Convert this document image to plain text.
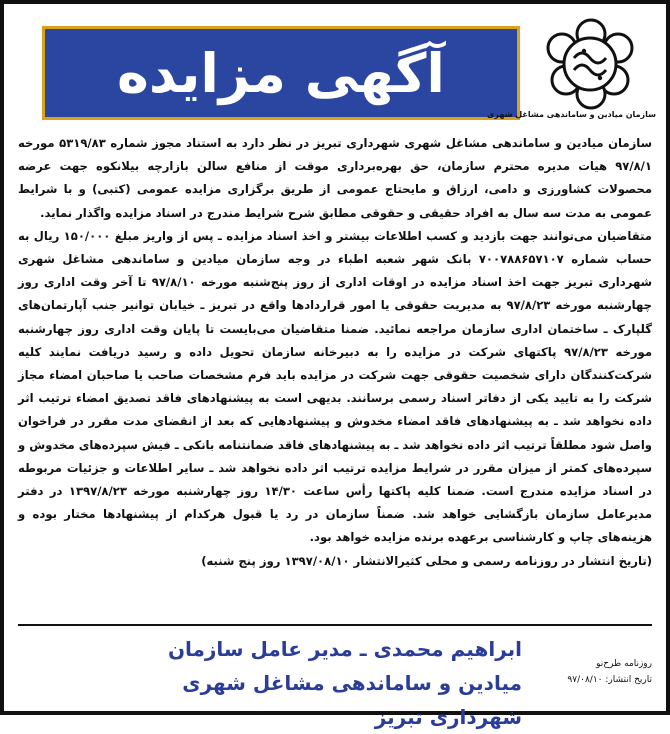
آگهی مزایده
سازمان میادین و ساماندهی مشاغل شهری

سازمان میادین و ساماندهی مشاغل شهری شهرداری تبریز در نظر دارد به استناد مجوز شماره ۵۳۱۹/۸۳ مورخه ۹۷/۸/۱ هیات مدیره محترم سازمان، حق بهره‌برداری موقت از منافع سالن بازارچه بیلانکوه جهت عرضه محصولات کشاورزی و دامی، ارزاق و مایحتاج عمومی از طریق برگزاری مزایده عمومی (کتبی) و با شرایط عمومی به مدت سه سال به افراد حقیقی و حقوقی مطابق شرح شرایط مندرج در اسناد مزایده واگذار نماید.

متقاضیان می‌توانند جهت بازدید و کسب اطلاعات بیشتر و اخذ اسناد مزایده ـ پس از واریز مبلغ ۱۵۰/۰۰۰ ریال به حساب شماره ۷۰۰۷۸۸۶۵۷۱۰۷ بانک شهر شعبه اطباء در وجه سازمان میادین و ساماندهی مشاغل شهری شهرداری تبریز جهت اخذ اسناد مزایده در اوقات اداری از روز پنج‌شنبه مورخه ۹۷/۸/۱۰ تا آخر وقت اداری روز چهارشنبه مورخه ۹۷/۸/۲۳ به مدیریت حقوقی یا امور قراردادها واقع در تبریز ـ خیابان توانیر جنب آپارتمان‌های گلپارک ـ ساختمان اداری سازمان مراجعه نمائید. ضمنا متقاضیان می‌بایست تا پایان وقت اداری روز چهارشنبه مورخه ۹۷/۸/۲۳ پاکتهای شرکت در مزایده را به دبیرخانه سازمان تحویل داده و رسید دریافت نمایند کلیه شرکت‌کنندگان دارای شخصیت حقوقی جهت شرکت در مزایده باید فرم مشخصات صاحب یا صاحبان امضاء مجاز شرکت را به تایید یکی از دفاتر اسناد رسمی برسانند. بدیهی است به پیشنهادهای فاقد تصدیق امضاء ترتیب اثر داده نخواهد شد ـ به پیشنهادهای فاقد امضاء مخدوش و پیشنهادهایی که بعد از انقضای مدت مقرر در فراخوان واصل شود مطلقاً ترتیب اثر داده نخواهد شد ـ به پیشنهادهای فاقد ضمانتنامه بانکی ـ فیش سپرده‌های مخدوش و سپرده‌های کمتر از میزان مقرر در شرایط مزایده ترتیب اثر داده نخواهد شد ـ سایر اطلاعات و جزئیات مربوطه در اسناد مزایده مندرج است. ضمنا کلیه پاکتها رأس ساعت ۱۴/۳۰ روز چهارشنبه مورخه ۱۳۹۷/۸/۲۳ در دفتر مدیرعامل سازمان بازگشایی خواهد شد. ضمناً سازمان در رد یا قبول هرکدام از پیشنهادها مختار بوده و هزینه‌های چاپ و کارشناسی برعهده برنده مزایده خواهد بود.

(تاریخ انتشار در روزنامه رسمی و محلی کثیرالانتشار ۱۳۹۷/۰۸/۱۰ روز پنج شنبه)

ابراهیم محمدی ـ مدیر عامل سازمان
میادین و ساماندهی مشاغل شهری شهرداری تبریز
روزنامه طرح‌نو
تاریخ انتشار: ۹۷/۰۸/۱۰
